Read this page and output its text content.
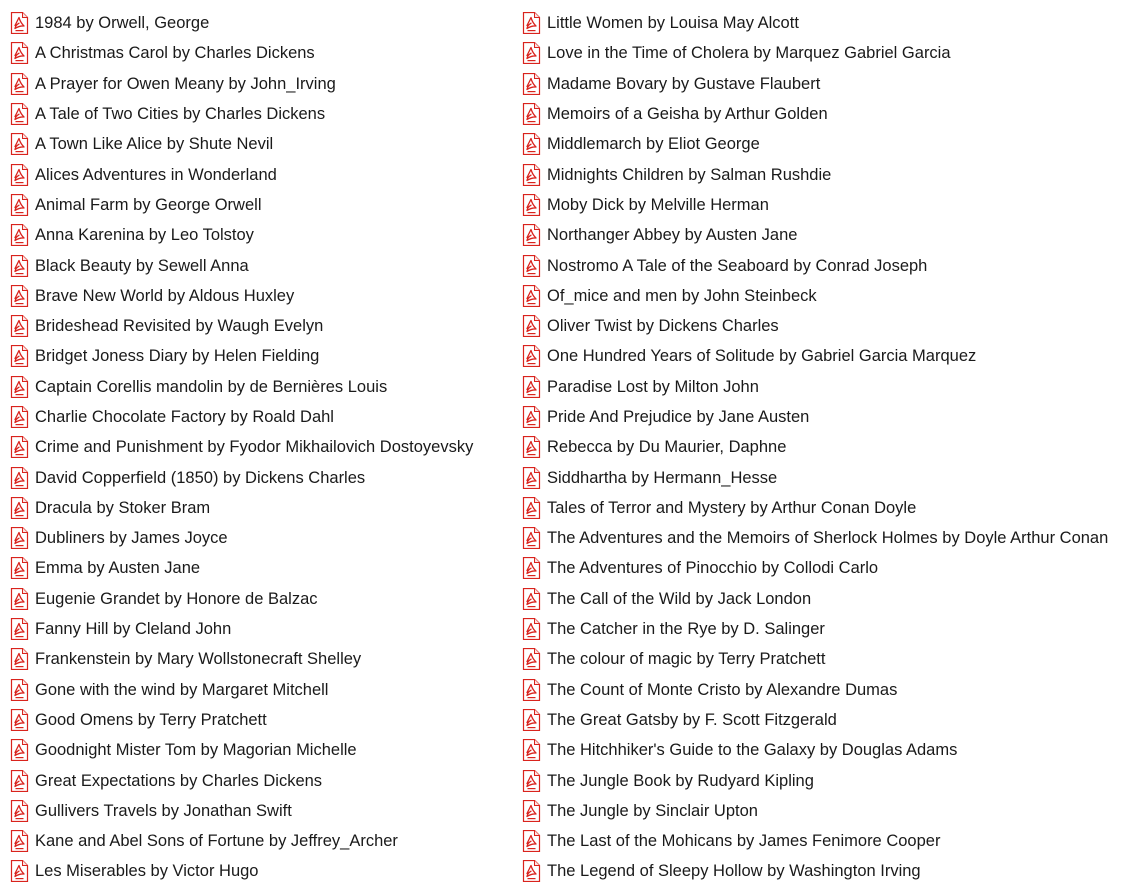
1984 by Orwell, George
A Christmas Carol by Charles Dickens
A Prayer for Owen Meany by John_Irving
A Tale of Two Cities by Charles Dickens
A Town Like Alice by Shute Nevil
Alices Adventures in Wonderland
Animal Farm by George Orwell
Anna Karenina by Leo Tolstoy
Black Beauty by Sewell Anna
Brave New World by Aldous Huxley
Brideshead Revisited by Waugh Evelyn
Bridget Joness Diary by Helen Fielding
Captain Corellis mandolin by de Bernières Louis
Charlie Chocolate Factory by Roald Dahl
Crime and Punishment by Fyodor Mikhailovich Dostoyevsky
David Copperfield (1850) by Dickens Charles
Dracula by Stoker Bram
Dubliners by James Joyce
Emma by Austen Jane
Eugenie Grandet by Honore de Balzac
Fanny Hill by Cleland John
Frankenstein by Mary Wollstonecraft Shelley
Gone with the wind by Margaret Mitchell
Good Omens by Terry Pratchett
Goodnight Mister Tom by Magorian Michelle
Great Expectations by Charles Dickens
Gullivers Travels by Jonathan Swift
Kane and Abel Sons of Fortune by Jeffrey_Archer
Les Miserables by Victor Hugo
Little Women by Louisa May Alcott
Love in the Time of Cholera by Marquez Gabriel Garcia
Madame Bovary by Gustave Flaubert
Memoirs of a Geisha by Arthur Golden
Middlemarch by Eliot George
Midnights Children by Salman Rushdie
Moby Dick by Melville Herman
Northanger Abbey by Austen Jane
Nostromo A Tale of the Seaboard by Conrad Joseph
Of_mice and men by John Steinbeck
Oliver Twist by Dickens Charles
One Hundred Years of Solitude by Gabriel Garcia Marquez
Paradise Lost by Milton John
Pride And Prejudice by Jane Austen
Rebecca by Du Maurier, Daphne
Siddhartha by Hermann_Hesse
Tales of Terror and Mystery by Arthur Conan Doyle
The Adventures and the Memoirs of Sherlock Holmes by Doyle Arthur Conan
The Adventures of Pinocchio by Collodi Carlo
The Call of the Wild by Jack London
The Catcher in the Rye by D. Salinger
The colour of magic by Terry Pratchett
The Count of Monte Cristo by Alexandre Dumas
The Great Gatsby by F. Scott Fitzgerald
The Hitchhiker's Guide to the Galaxy by Douglas Adams
The Jungle Book by Rudyard Kipling
The Jungle by Sinclair Upton
The Last of the Mohicans by James Fenimore Cooper
The Legend of Sleepy Hollow by Washington Irving
